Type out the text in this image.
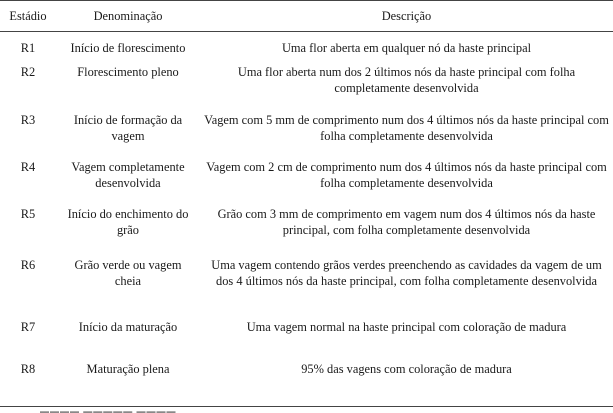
Estádio	Denominação	Descrição
R1	Início de florescimento	Uma flor aberta em qualquer nó da haste principal
R2	Florescimento pleno	Uma flor aberta num dos 2 últimos nós da haste principal com folha completamente desenvolvida
R3	Início de formação da vagem	Vagem com 5 mm de comprimento num dos 4 últimos nós da haste principal com folha completamente desenvolvida
R4	Vagem completamente desenvolvida	Vagem com 2 cm de comprimento num dos 4 últimos nós da haste principal com folha completamente desenvolvida
R5	Início do enchimento do grão	Grão com 3 mm de comprimento em vagem num dos 4 últimos nós da haste principal, com folha completamente desenvolvida
R6	Grão verde ou vagem cheia	Uma vagem contendo grãos verdes preenchendo as cavidades da vagem de um dos 4 últimos nós da haste principal, com folha completamente desenvolvida
R7	Início da maturação	Uma vagem normal na haste principal com coloração de madura
R8	Maturação plena	95% das vagens com coloração de madura
▬▬▬▬ ▬▬▬▬▬ ▬▬▬▬
